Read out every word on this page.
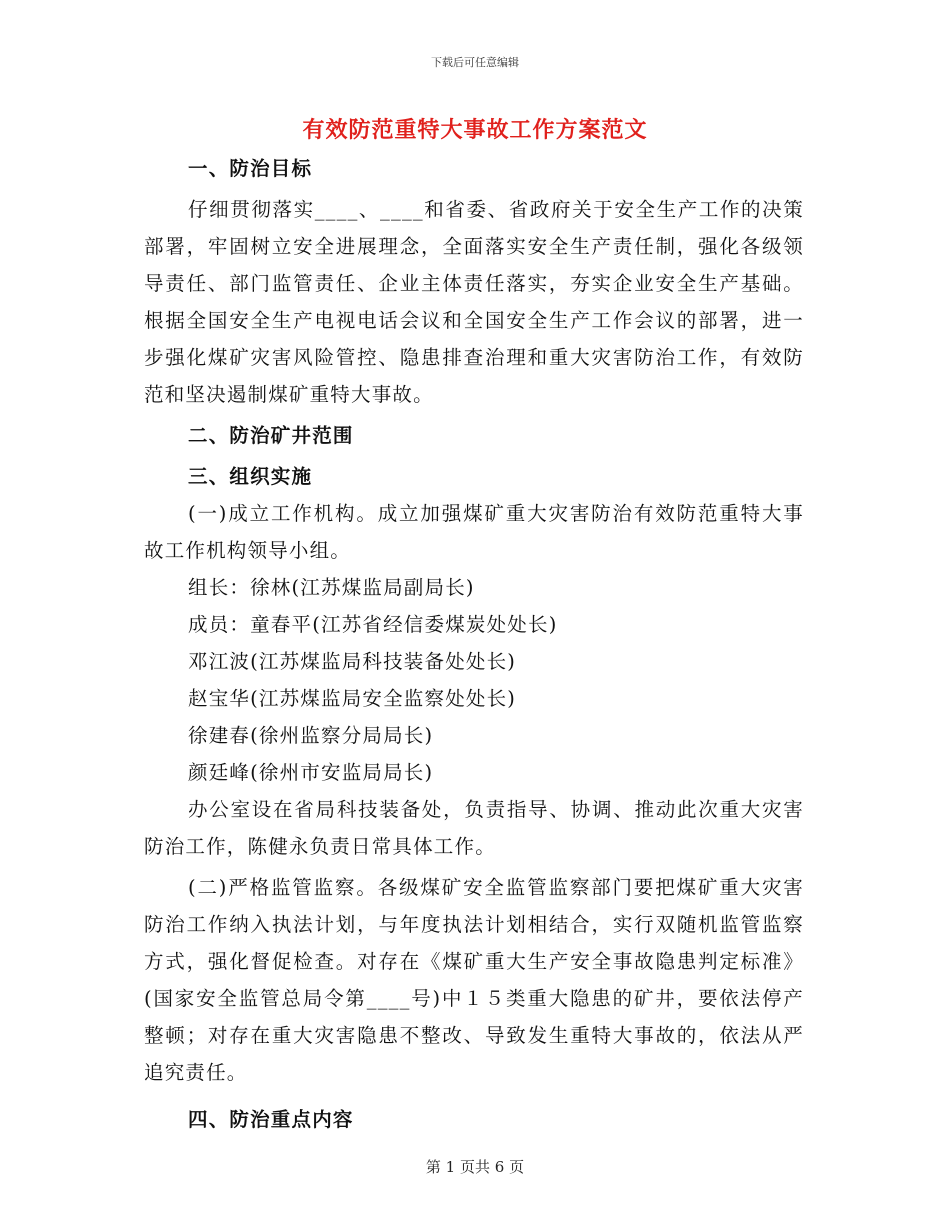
下载后可任意编辑
有效防范重特大事故工作方案范文

一、防治目标

仔细贯彻落实____、____和省委、省政府关于安全生产工作的决策部署，牢固树立安全进展理念，全面落实安全生产责任制，强化各级领导责任、部门监管责任、企业主体责任落实，夯实企业安全生产基础。根据全国安全生产电视电话会议和全国安全生产工作会议的部署，进一步强化煤矿灾害风险管控、隐患排查治理和重大灾害防治工作，有效防范和坚决遏制煤矿重特大事故。

二、防治矿井范围

三、组织实施

(一)成立工作机构。成立加强煤矿重大灾害防治有效防范重特大事故工作机构领导小组。

组长：徐林(江苏煤监局副局长)

成员：童春平(江苏省经信委煤炭处处长)

邓江波(江苏煤监局科技装备处处长)

赵宝华(江苏煤监局安全监察处处长)

徐建春(徐州监察分局局长)

颜廷峰(徐州市安监局局长)

办公室设在省局科技装备处，负责指导、协调、推动此次重大灾害防治工作，陈健永负责日常具体工作。

(二)严格监管监察。各级煤矿安全监管监察部门要把煤矿重大灾害防治工作纳入执法计划，与年度执法计划相结合，实行双随机监管监察方式，强化督促检查。对存在《煤矿重大生产安全事故隐患判定标准》(国家安全监管总局令第____号)中１５类重大隐患的矿井，要依法停产整顿；对存在重大灾害隐患不整改、导致发生重特大事故的，依法从严追究责任。

四、防治重点内容

第 1 页共 6 页
